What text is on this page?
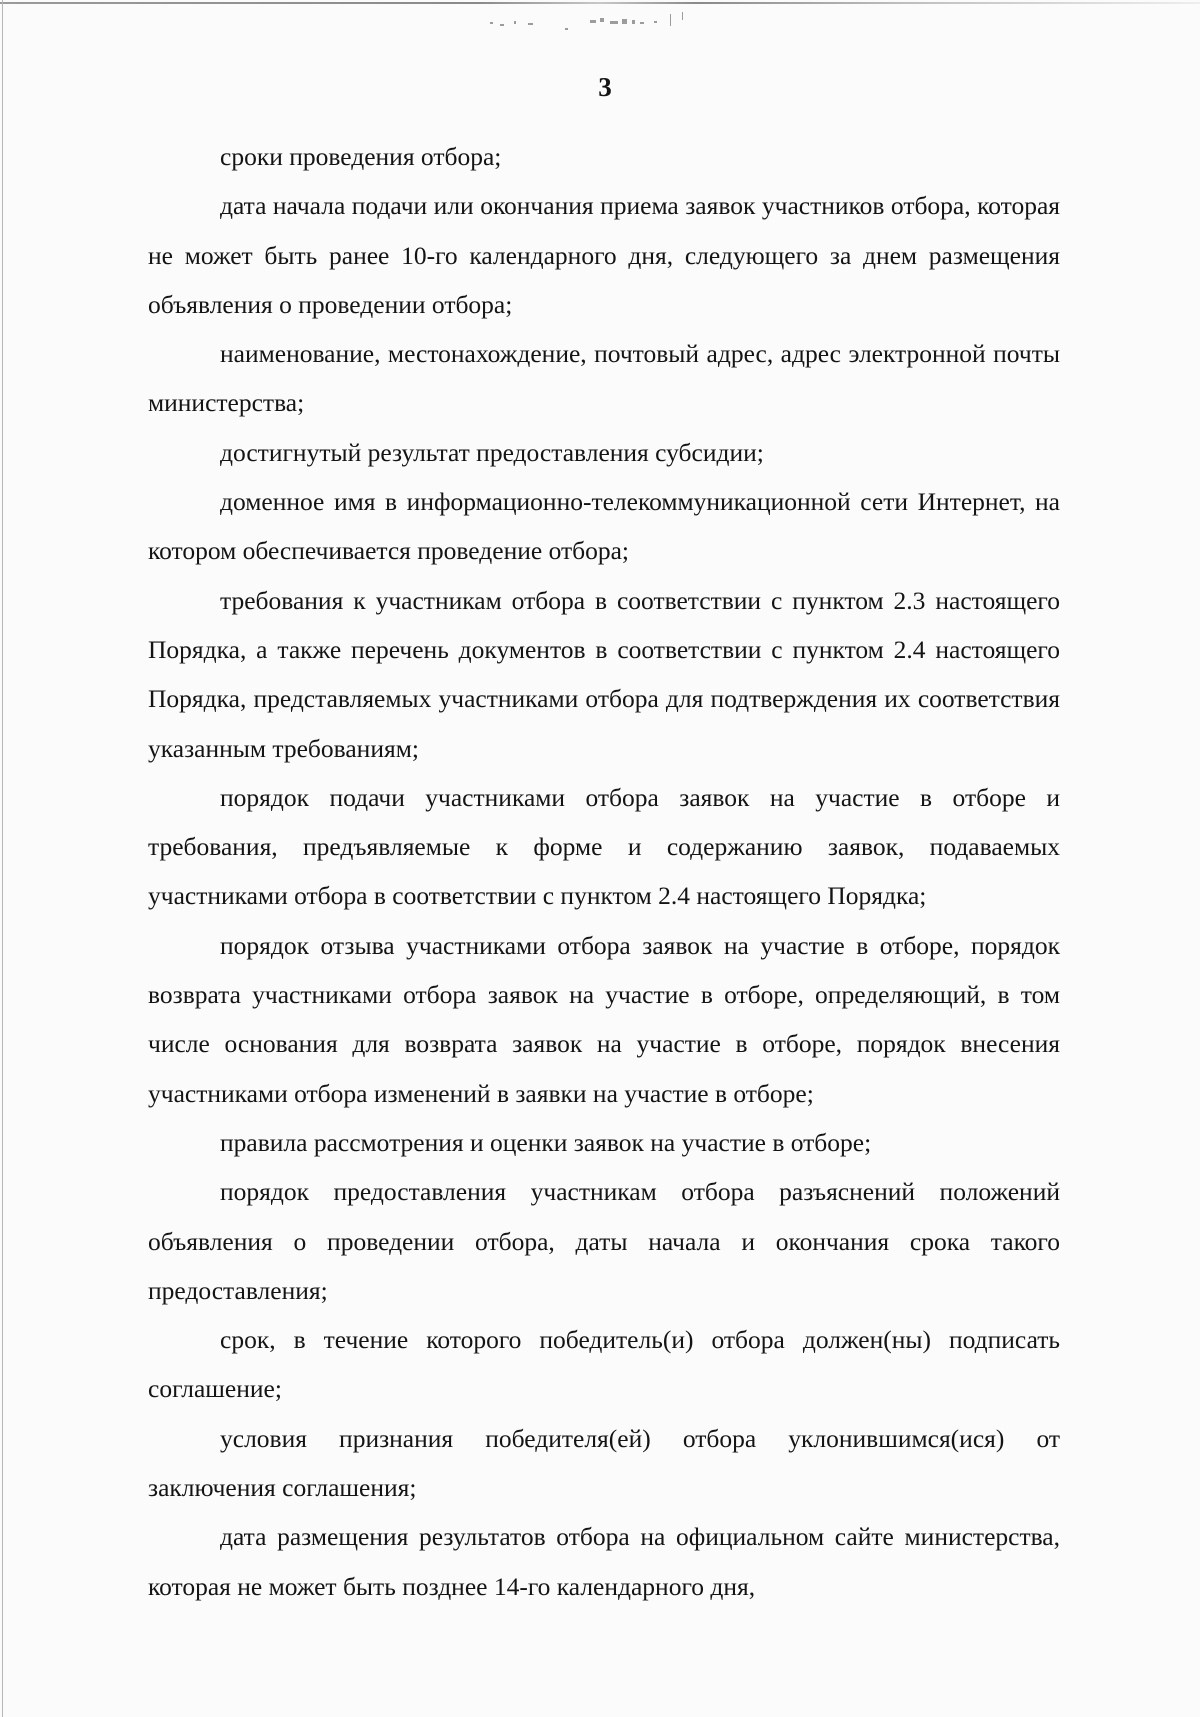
3

сроки проведения отбора;

дата начала подачи или окончания приема заявок участников отбора, которая не может быть ранее 10-го календарного дня, следующего за днем размещения объявления о проведении отбора;

наименование, местонахождение, почтовый адрес, адрес электронной почты министерства;

достигнутый результат предоставления субсидии;

доменное имя в информационно-телекоммуникационной сети Интернет, на котором обеспечивается проведение отбора;

требования к участникам отбора в соответствии с пунктом 2.3 настоящего Порядка, а также перечень документов в соответствии с пунктом 2.4 настоящего Порядка, представляемых участниками отбора для подтверждения их соответствия указанным требованиям;

порядок подачи участниками отбора заявок на участие в отборе и требования, предъявляемые к форме и содержанию заявок, подаваемых участниками отбора в соответствии с пунктом 2.4 настоящего Порядка;

порядок отзыва участниками отбора заявок на участие в отборе, порядок возврата участниками отбора заявок на участие в отборе, определяющий, в том числе основания для возврата заявок на участие в отборе, порядок внесения участниками отбора изменений в заявки на участие в отборе;

правила рассмотрения и оценки заявок на участие в отборе;

порядок предоставления участникам отбора разъяснений положений объявления о проведении отбора, даты начала и окончания срока такого предоставления;

срок, в течение которого победитель(и) отбора должен(ны) подписать соглашение;

условия признания победителя(ей) отбора уклонившимся(ися) от заключения соглашения;

дата размещения результатов отбора на официальном сайте министерства, которая не может быть позднее 14-го календарного дня,
